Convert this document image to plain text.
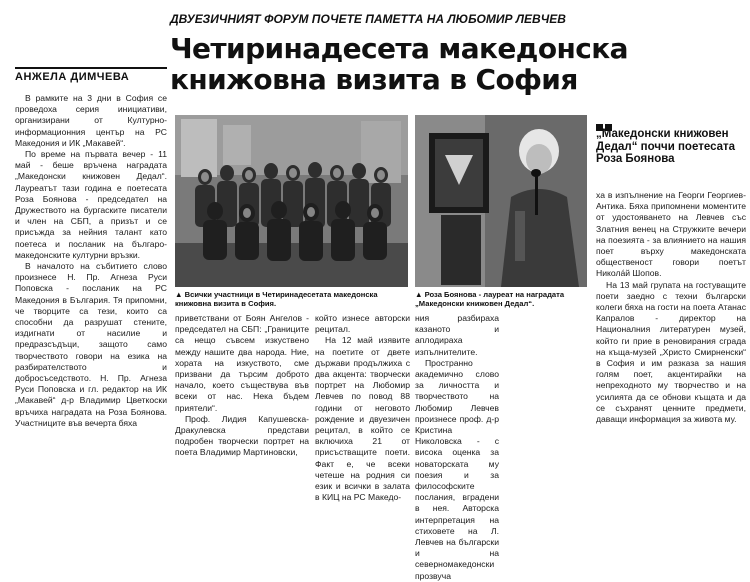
ДВУЕЗИЧНИЯТ ФОРУМ ПОЧЕТЕ ПАМЕТТА НА ЛЮБОМИР ЛЕВЧЕВ
Четиринадесета македонска книжовна визита в София
АНЖЕЛА ДИМЧЕВА

В рамките на 3 дни в София се проведоха серия инициативи, организирани от Културно-информационния център на РС Македония и ИК „Макавей“.

По време на първата вечер - 11 май - беше връчена наградата „Македонски книжовен Дедал“. Лауреатът тази година е поетесата Роза Боянова - председател на Дружеството на бургаските писатели и член на СБП, а призът и се присъжда за нейния талант като поетеса и посланик на българо-македонските културни връзки.

В началото на събитието слово произнесе Н. Пр. Агнеза Руси Поповска - посланик на РС Македония в България. Тя припомни, че творците са тези, които са способни да разрушат стените, издигнати от насилие и предразсъдъци, защото само творчеството говори на езика на разбирателството и добросъседството. Н. Пр. Агнеза Руси Поповска и гл. редактор на ИК „Макавей“ д-р Владимир Цветкоски връчиха наградата на Роза Боянова. Участниците във вечерта бяха

▲ Всички участници в Четиринадесетата македонска книжовна визита в София.
▲ Роза Боянова - лауреат на наградата „Македонски книжовен Дедал“.
„Македонски книжовен Дедал“ поччи поетесата Роза Боянова

приветствани от Боян Ангелов - председател на СБП: „Границите са нещо съвсем изкуствено между нашите два народа. Ние, хората на изкуството, сме призвани да търсим доброто начало, което съществува във всеки от нас. Нека бъдем приятели“.

Проф. Лидия Капушевска-Дракулевска представи подробен творчески портрет на поета Владимир Мартиновски,

който изнесе авторски рецитал.

На 12 май изявите на поетите от двете държави продължиха с два акцента: творчески портрет на Любомир Левчев по повод 88 години от неговото рождение и двуезичен рецитал, в който се включиха 21 от присъстващите поети. Факт е, че всеки четеше на родния си език и всички в залата в КИЦ на РС Македо-

ния разбираха казаното и аплодираха изпълнителите.

Пространно академично слово за личността и творчеството на Любомир Левчев произнесе проф. д-р Кристина Николовска - с висока оценка за новаторската му поезия и за философските послания, вградени в нея. Авторска интерпретация на стиховете на Л. Левчев на български и на северномакедонски прозвуча

ха в изпълнение на Георги Георгиев-Антика. Бяха припомнени моментите от удостояването на Левчев със Златния венец на Стружките вечери на поезията - за влиянието на нашия поет върху македонската общественост говори поетът Никола́й Шопов.

На 13 май групата на гостуващите поети заедно с техни български колеги бяха на гости на поета Атанас Капралов - директор на Националния литературен музей, който ги прие в реновирания сграда на къща-музей „Христо Смирненски“ в София и им разказа за нашия голям поет, акцентирайки на непреходното му творчество и на усилията да се обнови къщата и да се съхранят ценните предмети, даващи информация за живота му.
